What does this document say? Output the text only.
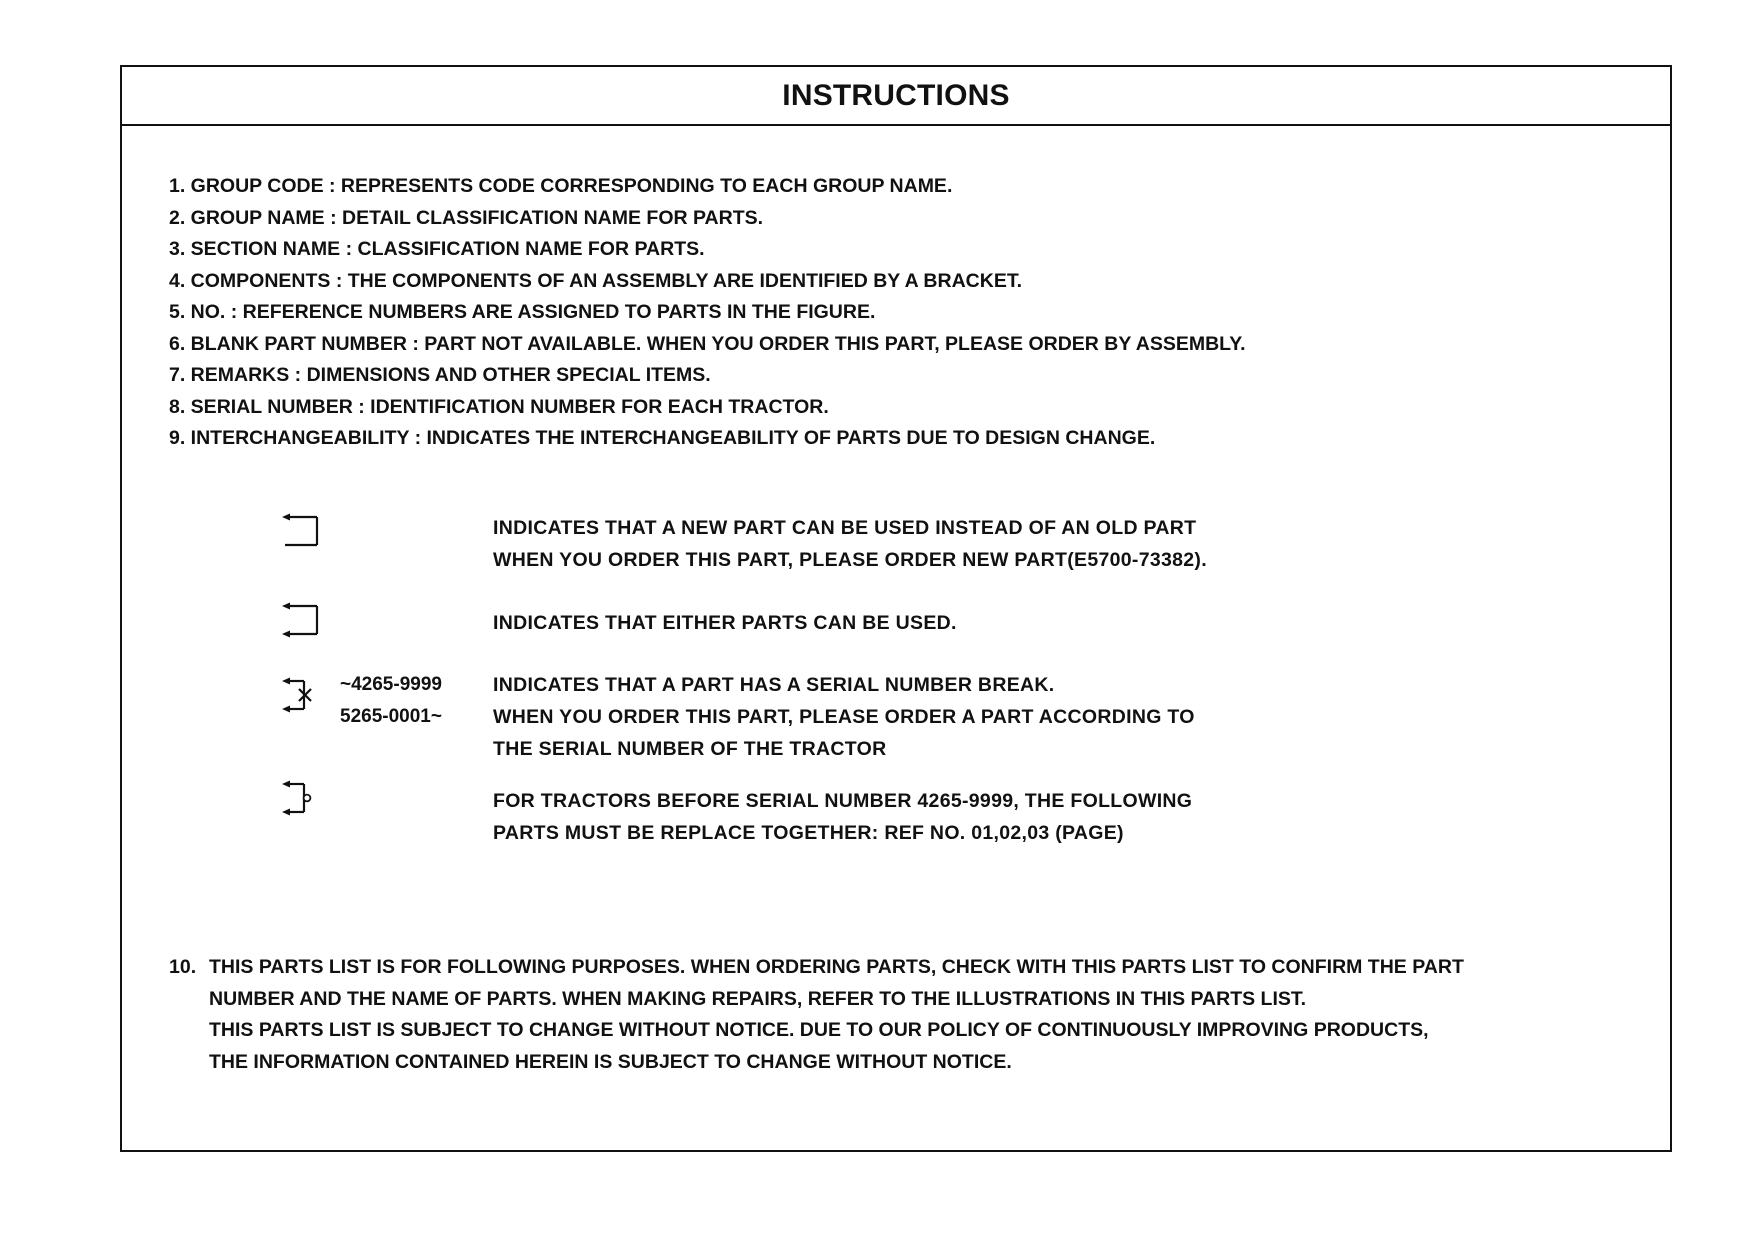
INSTRUCTIONS
1. GROUP CODE : REPRESENTS CODE CORRESPONDING TO EACH GROUP NAME.
2. GROUP NAME : DETAIL CLASSIFICATION NAME FOR PARTS.
3. SECTION NAME : CLASSIFICATION NAME FOR PARTS.
4. COMPONENTS : THE COMPONENTS OF AN ASSEMBLY ARE IDENTIFIED BY A BRACKET.
5. NO. : REFERENCE NUMBERS ARE ASSIGNED TO PARTS IN THE FIGURE.
6. BLANK PART NUMBER : PART NOT AVAILABLE. WHEN YOU ORDER THIS PART, PLEASE ORDER BY ASSEMBLY.
7. REMARKS : DIMENSIONS AND OTHER SPECIAL ITEMS.
8. SERIAL NUMBER : IDENTIFICATION NUMBER FOR EACH TRACTOR.
9. INTERCHANGEABILITY : INDICATES THE INTERCHANGEABILITY OF PARTS DUE TO DESIGN CHANGE.
INDICATES THAT A NEW PART CAN BE USED INSTEAD OF AN OLD PART
WHEN YOU ORDER THIS PART, PLEASE ORDER NEW PART(E5700-73382).
INDICATES THAT EITHER PARTS CAN BE USED.
~4265-9999
5265-0001~
INDICATES THAT A PART HAS A SERIAL NUMBER BREAK.
WHEN YOU ORDER THIS PART, PLEASE ORDER A PART ACCORDING TO
THE SERIAL NUMBER OF THE TRACTOR
FOR TRACTORS BEFORE SERIAL NUMBER 4265-9999, THE FOLLOWING
PARTS MUST BE REPLACE TOGETHER: REF NO. 01,02,03 (PAGE)
10. THIS PARTS LIST IS FOR FOLLOWING PURPOSES. WHEN ORDERING PARTS, CHECK WITH THIS PARTS LIST TO CONFIRM THE PART
NUMBER AND THE NAME OF PARTS. WHEN MAKING REPAIRS, REFER TO THE ILLUSTRATIONS IN THIS PARTS LIST.
THIS PARTS LIST IS SUBJECT TO CHANGE WITHOUT NOTICE. DUE TO OUR POLICY OF CONTINUOUSLY IMPROVING PRODUCTS,
THE INFORMATION CONTAINED HEREIN IS SUBJECT TO CHANGE WITHOUT NOTICE.
